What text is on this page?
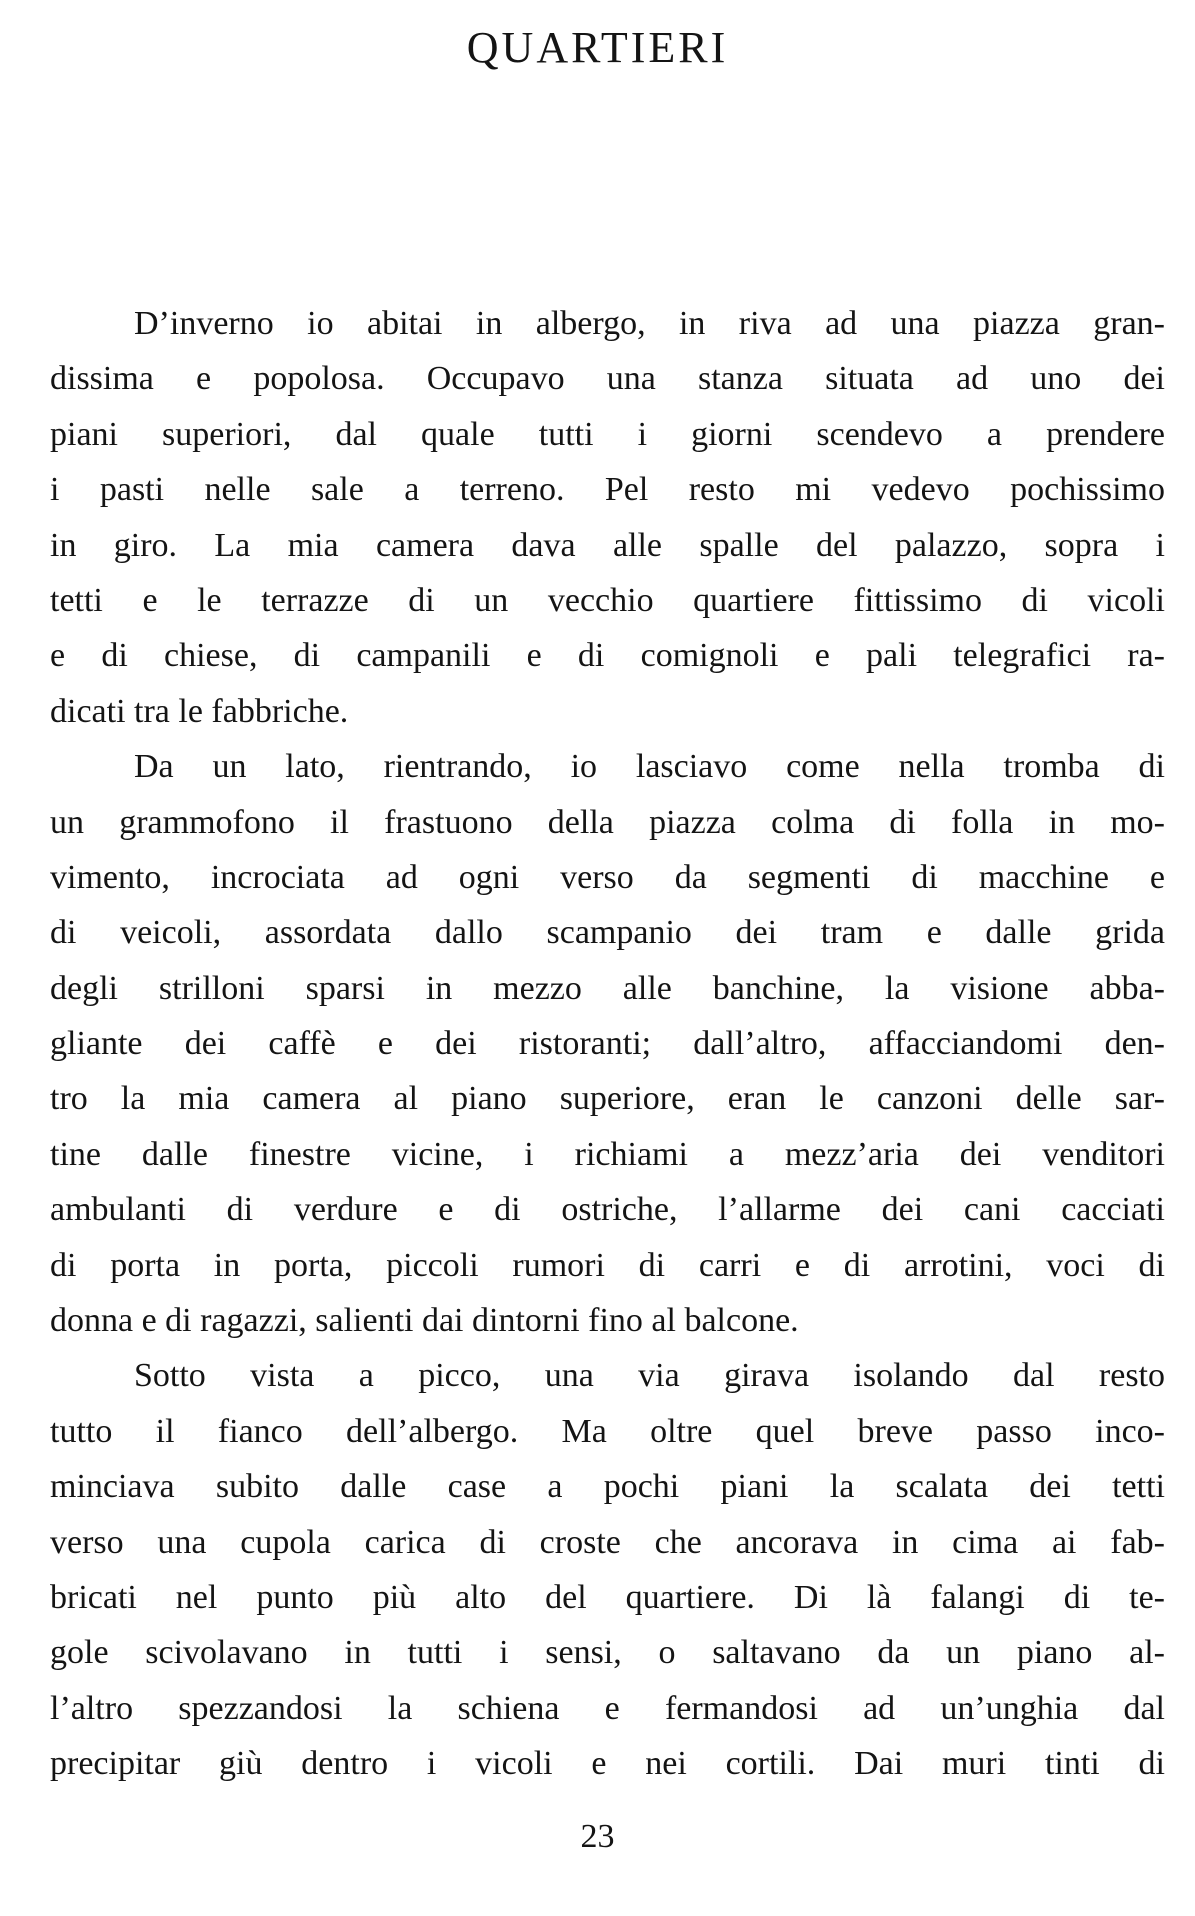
QUARTIERI
D’inverno io abitai in albergo, in riva ad una piazza gran-
dissima e popolosa. Occupavo una stanza situata ad uno dei
piani superiori, dal quale tutti i giorni scendevo a prendere
i pasti nelle sale a terreno. Pel resto mi vedevo pochissimo
in giro. La mia camera dava alle spalle del palazzo, sopra i
tetti e le terrazze di un vecchio quartiere fittissimo di vicoli
e di chiese, di campanili e di comignoli e pali telegrafici ra-
dicati tra le fabbriche.
Da un lato, rientrando, io lasciavo come nella tromba di
un grammofono il frastuono della piazza colma di folla in mo-
vimento, incrociata ad ogni verso da segmenti di macchine e
di veicoli, assordata dallo scampanio dei tram e dalle grida
degli strilloni sparsi in mezzo alle banchine, la visione abba-
gliante dei caffè e dei ristoranti; dall’altro, affacciandomi den-
tro la mia camera al piano superiore, eran le canzoni delle sar-
tine dalle finestre vicine, i richiami a mezz’aria dei venditori
ambulanti di verdure e di ostriche, l’allarme dei cani cacciati
di porta in porta, piccoli rumori di carri e di arrotini, voci di
donna e di ragazzi, salienti dai dintorni fino al balcone.
Sotto vista a picco, una via girava isolando dal resto
tutto il fianco dell’albergo. Ma oltre quel breve passo inco-
minciava subito dalle case a pochi piani la scalata dei tetti
verso una cupola carica di croste che ancorava in cima ai fab-
bricati nel punto più alto del quartiere. Di là falangi di te-
gole scivolavano in tutti i sensi, o saltavano da un piano al-
l’altro spezzandosi la schiena e fermandosi ad un’unghia dal
precipitar giù dentro i vicoli e nei cortili. Dai muri tinti di
23
